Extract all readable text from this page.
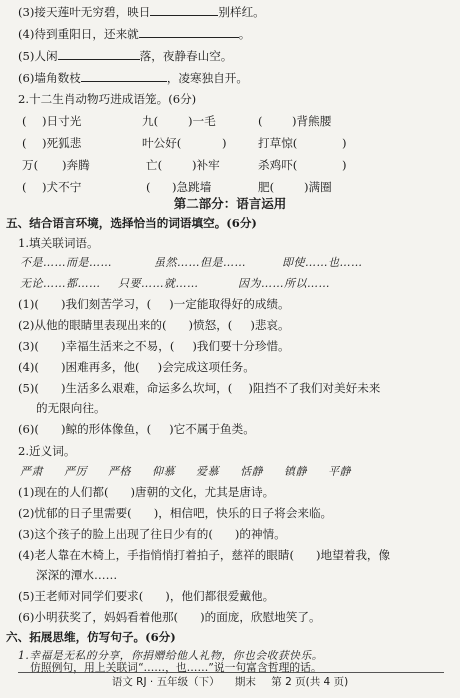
(3)接天莲叶无穷碧，映日	别样红。
(4)待到重阳日，还来就	。
(5)人闲	落，夜静春山空。
(6)墙角数枝	，凌寒独自开。
2.十二生肖动物巧进成语笼。(6分)
( )日寸光	九(	)一毛	(	)背熊腰
( )死狐悲	叶公好(	)	打草惊(	)
万( )奔腾	亡(	)补牢	杀鸡吓(	)
( )犬不宁	( )急跳墙	肥(	)满圈
第二部分：语言运用
五、结合语言环境，选择恰当的词语填空。(6分)
1.填关联词语。
不是……而是……	虽然……但是……	即使……也……
无论……都…… 只要……就……	因为……所以……
(1)( )我们刻苦学习，( )一定能取得好的成绩。
(2)从他的眼睛里表现出来的( )愤怒，( )悲哀。
(3)( )幸福生活来之不易，( )我们要十分珍惜。
(4)( )困难再多，他( )会完成这项任务。
(5)( )生活多么艰难，命运多么坎坷，( )阻挡不了我们对美好未来
的无限向往。
(6)( )鲸的形体像鱼，( )它不属于鱼类。
2.近义词。
严肃 严厉 严格 仰慕 爱慕 恬静 镇静 平静
(1)现在的人们都( )唐朝的文化，尤其是唐诗。
(2)忧郁的日子里需要( )，相信吧，快乐的日子将会来临。
(3)这个孩子的脸上出现了往日少有的( )的神情。
(4)老人靠在木椅上，手指悄悄打着拍子，慈祥的眼睛( )地望着我，像
深深的潭水……
(5)王老师对同学们要求( )，他们都很爱戴他。
(6)小明获奖了，妈妈看着他那( )的面庞，欣慰地笑了。
六、拓展思维，仿写句子。(6分)
1.幸福是无私的分享，你捐赠给他人礼物，你也会收获快乐。
仿照例句，用上关联词“……，也……”说一句富含哲理的话。
语文 RJ · 五年级（下） 期末 第 2 页(共 4 页)
